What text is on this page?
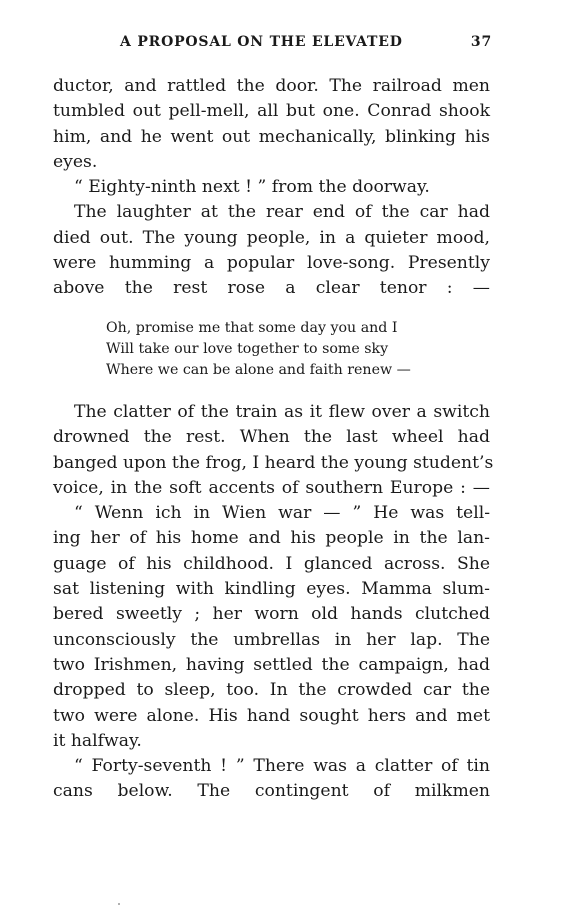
A PROPOSAL ON THE ELEVATED	37
ductor, and rattled the door. The railroad men
tumbled out pell-mell, all but one. Conrad shook
him, and he went out mechanically, blinking his
eyes.
“ Eighty-ninth next ! ” from the doorway.
The laughter at the rear end of the car had
died out. The young people, in a quieter mood,
were humming a popular love-song. Presently
above the rest rose a clear tenor : —
Oh, promise me that some day you and I
Will take our love together to some sky
Where we can be alone and faith renew —
The clatter of the train as it flew over a switch
drowned the rest. When the last wheel had
banged upon the frog, I heard the young student’s
voice, in the soft accents of southern Europe : —
“ Wenn ich in Wien war — ” He was tell-
ing her of his home and his people in the lan-
guage of his childhood. I glanced across. She
sat listening with kindling eyes. Mamma slum-
bered sweetly ; her worn old hands clutched
unconsciously the umbrellas in her lap. The
two Irishmen, having settled the campaign, had
dropped to sleep, too. In the crowded car the
two were alone. His hand sought hers and met
it halfway.
“ Forty-seventh ! ” There was a clatter of tin
cans below. The contingent of milkmen
